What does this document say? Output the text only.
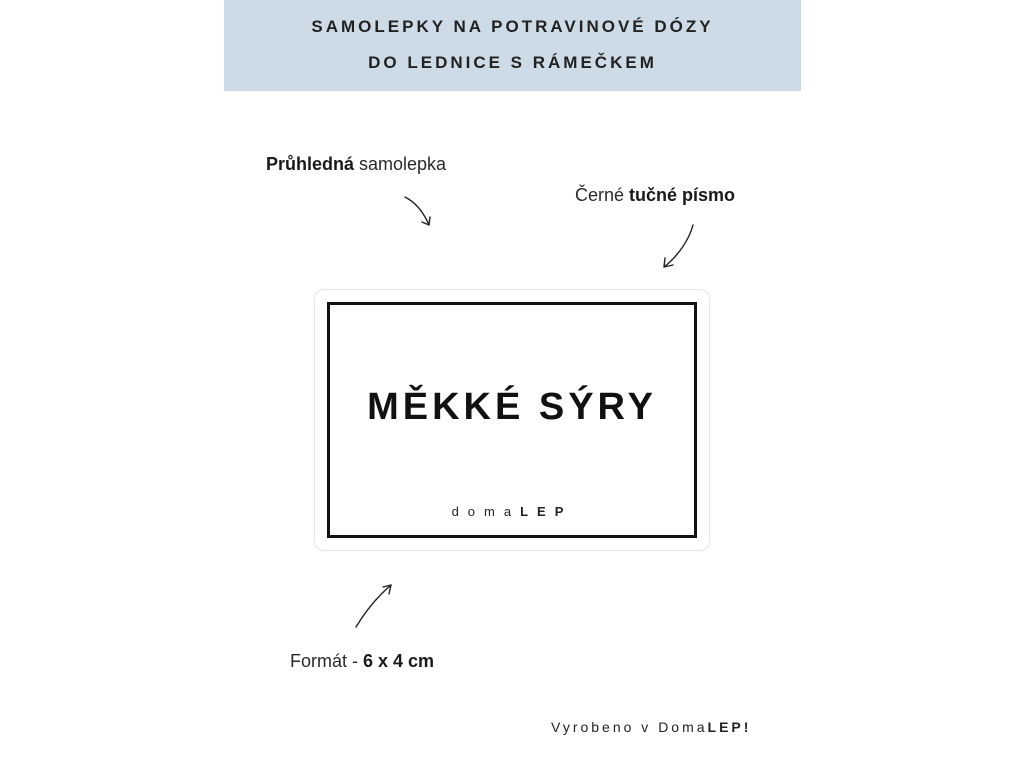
SAMOLEPKY NA POTRAVINOVÉ DÓZY
DO LEDNICE S RÁMEČKEM
Průhledná samolepka
Černé tučné písmo
MĚKKÉ SÝRY
domaLEP
Formát - 6 x 4 cm
Vyrobeno v DomaLEP!
